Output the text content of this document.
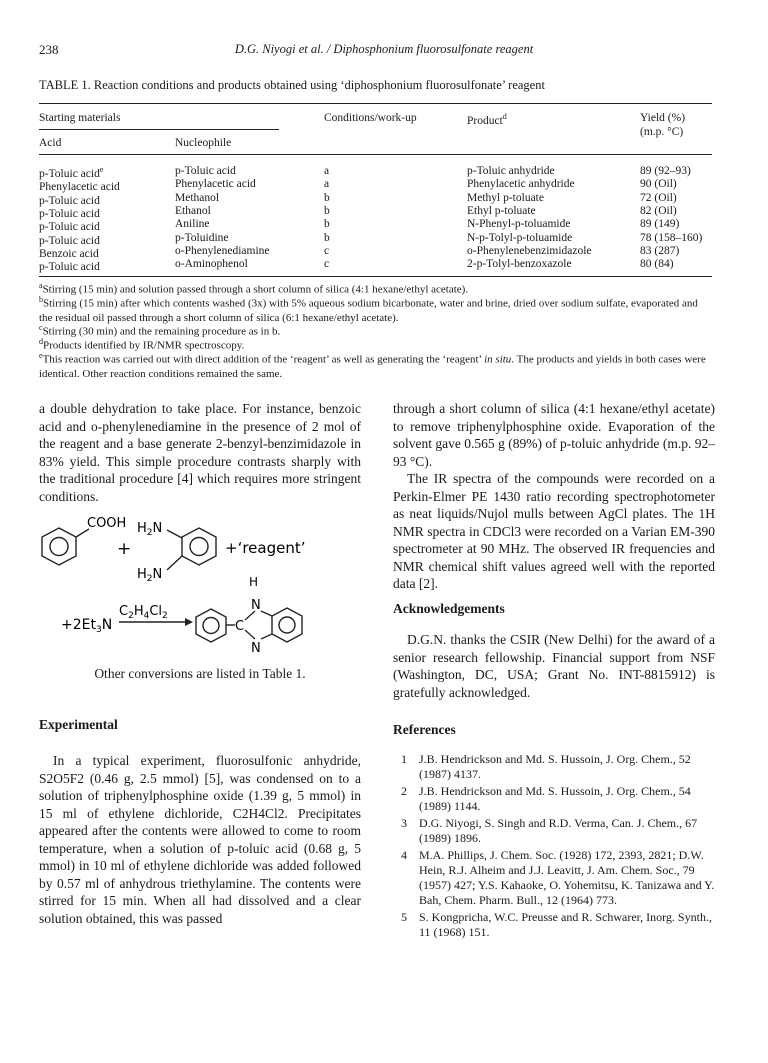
238	D.G. Niyogi et al. / Diphosphonium fluorosulfonate reagent
TABLE 1. Reaction conditions and products obtained using ‘diphosphonium fluorosulfonate’ reagent
Starting materials	Conditions/work-up	Product$^d$	Yield (%)
(m.p. °C)
Acid	Nucleophile
p-Toluic acid$^e$	p-Toluic acid	a	p-Toluic anhydride	89 (92–93)
Phenylacetic acid	Phenylacetic acid	a	Phenylacetic anhydride	90 (Oil)
p-Toluic acid	Methanol	b	Methyl p-toluate	72 (Oil)
p-Toluic acid	Ethanol	b	Ethyl p-toluate	82 (Oil)
p-Toluic acid	Aniline	b	N-Phenyl-p-toluamide	89 (149)
p-Toluic acid	p-Toluidine	b	N-p-Tolyl-p-toluamide	78 (158–160)
Benzoic acid	o-Phenylenediamine	c	o-Phenylenebenzimidazole	83 (287)
p-Toluic acid	o-Aminophenol	c	2-p-Tolyl-benzoxazole	80 (84)
$^a$Stirring (15 min) and solution passed through a short column of silica (4:1 hexane/ethyl acetate).
$^b$Stirring (15 min) after which contents washed (3x) with 5% aqueous sodium bicarbonate, water and brine, dried over sodium sulfate, evaporated and the residual oil passed through a short column of silica (6:1 hexane/ethyl acetate).
$^c$Stirring (30 min) and the remaining procedure as in b.
$^d$Products identified by IR/NMR spectroscopy.
$^e$This reaction was carried out with direct addition of the ‘reagent’ as well as generating the ‘reagent’ in situ. The products and yields in both cases were identical. Other reaction conditions remained the same.

a double dehydration to take place. For instance, benzoic acid and o-phenylenediamine in the presence of 2 mol of the reagent and a base generate 2-benzyl-benzimidazole in 83% yield. This simple procedure contrasts sharply with the traditional procedure [4] which requires more stringent conditions.

COOH
+
$H_2N$
$H_2N$
+‘reagent’
$+2Et_3N$
$C_2H_4Cl_2$
C
H
N
N

Other conversions are listed in Table 1.

Experimental

In a typical experiment, fluorosulfonic anhydride, S2O5F2 (0.46 g, 2.5 mmol) [5], was condensed on to a solution of triphenylphosphine oxide (1.39 g, 5 mmol) in 15 ml of ethylene dichloride, C2H4Cl2. Precipitates appeared after the contents were allowed to come to room temperature, when a solution of p-toluic acid (0.68 g, 5 mmol) in 10 ml of ethylene dichloride was added followed by 0.57 ml of anhydrous triethylamine. The contents were stirred for 15 min. When all had dissolved and a clear solution obtained, this was passed

through a short column of silica (4:1 hexane/ethyl acetate) to remove triphenylphosphine oxide. Evaporation of the solvent gave 0.565 g (89%) of p-toluic anhydride (m.p. 92–93 °C).

The IR spectra of the compounds were recorded on a Perkin-Elmer PE 1430 ratio recording spectrophotometer as neat liquids/Nujol mulls between AgCl plates. The 1H NMR spectra in CDCl3 were recorded on a Varian EM-390 spectrometer at 90 MHz. The observed IR frequencies and NMR chemical shift values agreed well with the reported data [2].

Acknowledgements

D.G.N. thanks the CSIR (New Delhi) for the award of a senior research fellowship. Financial support from NSF (Washington, DC, USA; Grant No. INT-8815912) is gratefully acknowledged.

References
1 J.B. Hendrickson and Md. S. Hussoin, J. Org. Chem., 52 (1987) 4137.
2 J.B. Hendrickson and Md. S. Hussoin, J. Org. Chem., 54 (1989) 1144.
3 D.G. Niyogi, S. Singh and R.D. Verma, Can. J. Chem., 67 (1989) 1896.
4 M.A. Phillips, J. Chem. Soc. (1928) 172, 2393, 2821; D.W. Hein, R.J. Alheim and J.J. Leavitt, J. Am. Chem. Soc., 79 (1957) 427; Y.S. Kahaoke, O. Yohemitsu, K. Tanizawa and Y. Bah, Chem. Pharm. Bull., 12 (1964) 773.
5 S. Kongpricha, W.C. Preusse and R. Schwarer, Inorg. Synth., 11 (1968) 151.
